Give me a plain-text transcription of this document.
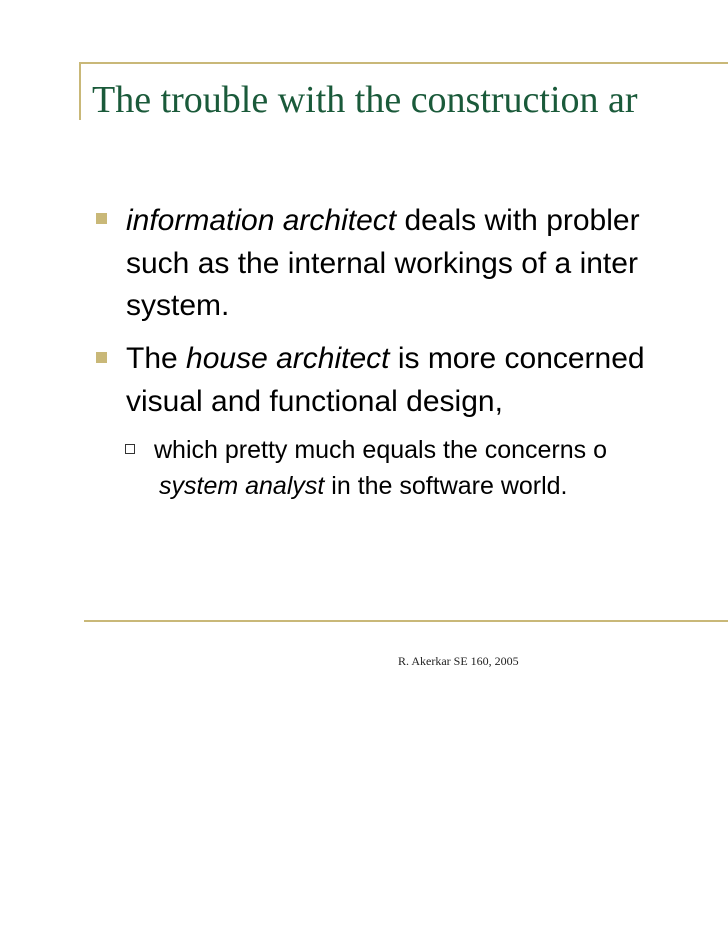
The trouble with the construction ar
information architect deals with probler
such as the internal workings of a inter
system.
The house architect is more concerned
visual and functional design,
which pretty much equals the concerns o
system analyst in the software world.
R. Akerkar SE 160, 2005
